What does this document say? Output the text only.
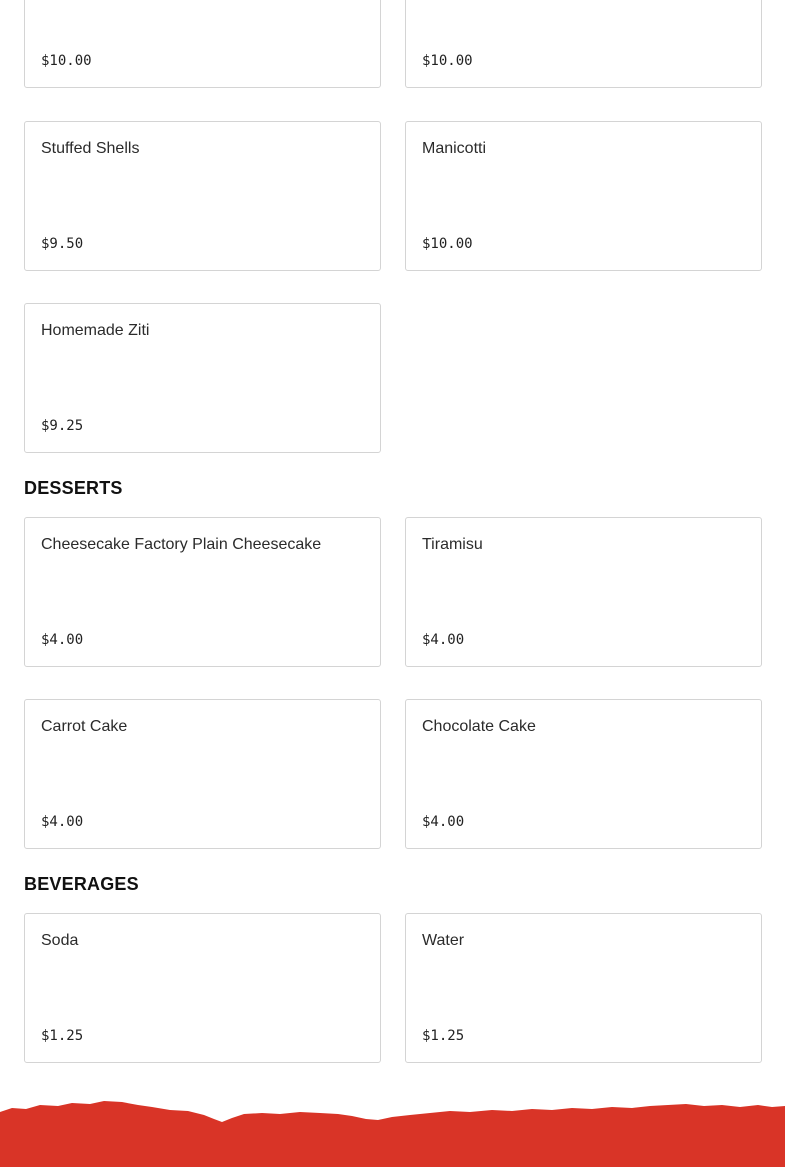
$10.00	$10.00
Stuffed Shells
$9.50
Manicotti
$10.00
Homemade Ziti
$9.25
DESSERTS
Cheesecake Factory Plain Cheesecake
$4.00
Tiramisu
$4.00
Carrot Cake
$4.00
Chocolate Cake
$4.00
BEVERAGES
Soda
$1.25
Water
$1.25
